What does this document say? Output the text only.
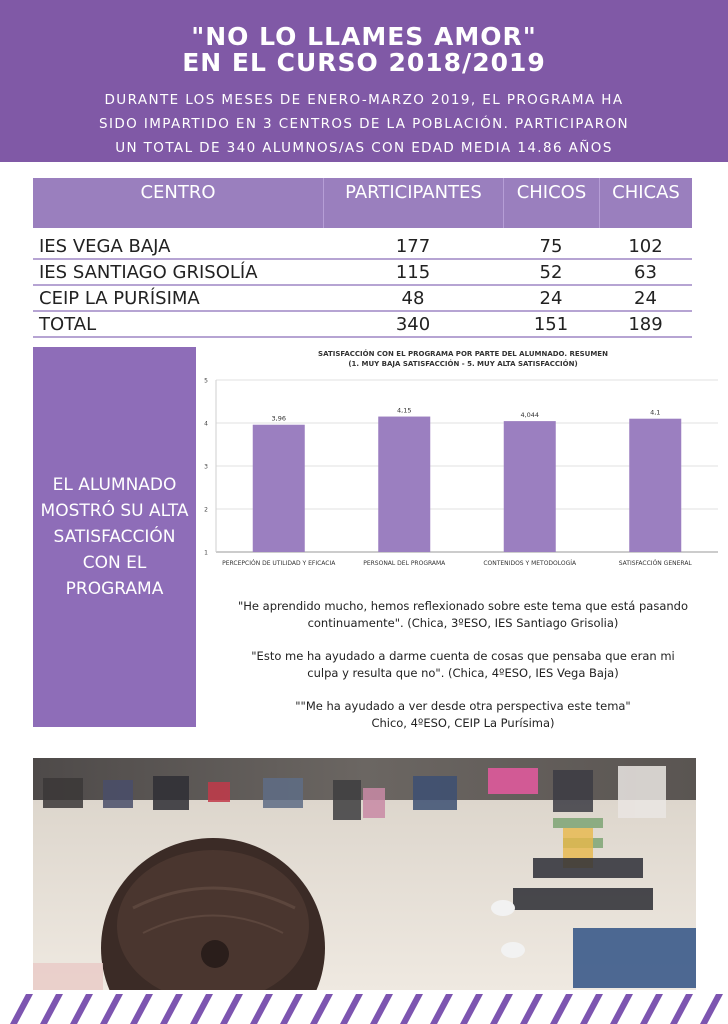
"NO LO LLAMES AMOR"
EN EL CURSO 2018/2019
DURANTE LOS MESES DE ENERO-MARZO 2019, EL PROGRAMA HA
SIDO IMPARTIDO EN 3 CENTROS DE LA POBLACIÓN. PARTICIPARON
UN TOTAL DE 340 ALUMNOS/AS CON EDAD MEDIA 14.86 AÑOS
CENTRO	PARTICIPANTES	CHICOS	CHICAS
IES VEGA BAJA	177	75	102
IES SANTIAGO GRISOLÍA	115	52	63
CEIP LA PURÍSIMA	48	24	24
TOTAL	340	151	189
EL ALUMNADO MOSTRÓ SU ALTA SATISFACCIÓN CON EL PROGRAMA
SATISFACCIÓN CON EL PROGRAMA POR PARTE DEL ALUMNADO. RESUMEN
(1. MUY BAJA SATISFACCIÓN - 5. MUY ALTA SATISFACCIÓN)
1
2
3
4
5
3,96
PERCEPCIÓN DE UTILIDAD Y EFICACIA
4,15
PERSONAL DEL PROGRAMA
4,044
CONTENIDOS Y METODOLOGÍA
4,1
SATISFACCIÓN GENERAL
"He aprendido mucho, hemos reflexionado sobre este tema que está pasando
continuamente". (Chica, 3ºESO, IES Santiago Grisolia)
"Esto me ha ayudado a darme cuenta de cosas que pensaba que eran mi
culpa y resulta que no". (Chica, 4ºESO, IES Vega Baja)
""Me ha ayudado a ver desde otra perspectiva este tema"
Chico, 4ºESO, CEIP La Purísima)
